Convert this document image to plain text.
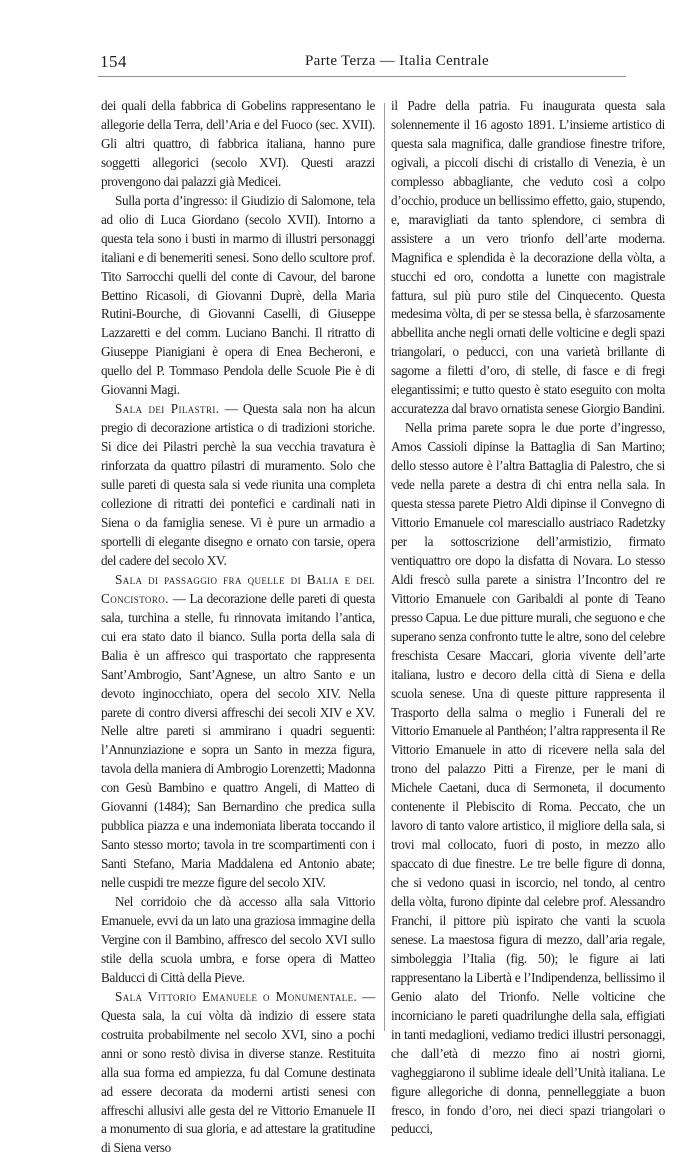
154	Parte Terza — Italia Centrale

dei quali della fabbrica di Gobelins rappresentano le allegorie della Terra, dell’Aria e del Fuoco (sec. XVII). Gli altri quattro, di fabbrica italiana, hanno pure soggetti allegorici (secolo XVI). Questi arazzi provengono dai palazzi già Medicei.

Sulla porta d’ingresso: il Giudizio di Salomone, tela ad olio di Luca Giordano (secolo XVII). Intorno a questa tela sono i busti in marmo di illustri personaggi italiani e di benemeriti senesi. Sono dello scultore prof. Tito Sarrocchi quelli del conte di Cavour, del barone Bettino Ricasoli, di Giovanni Duprè, della Maria Rutini-Bourche, di Giovanni Caselli, di Giuseppe Lazzaretti e del comm. Luciano Banchi. Il ritratto di Giuseppe Pianigiani è opera di Enea Becheroni, e quello del P. Tommaso Pendola delle Scuole Pie è di Giovanni Magi.

Sala dei Pilastri. — Questa sala non ha alcun pregio di decorazione artistica o di tradizioni storiche. Si dice dei Pilastri perchè la sua vecchia travatura è rinforzata da quattro pilastri di muramento. Solo che sulle pareti di questa sala si vede riunita una completa collezione di ritratti dei pontefici e cardinali nati in Siena o da famiglia senese. Vi è pure un armadio a sportelli di elegante disegno e ornato con tarsie, opera del cadere del secolo XV.

Sala di passaggio fra quelle di Balia e del Concistoro. — La decorazione delle pareti di questa sala, turchina a stelle, fu rinnovata imitando l’antica, cui era stato dato il bianco. Sulla porta della sala di Balia è un affresco qui trasportato che rappresenta Sant’Ambrogio, Sant’Agnese, un altro Santo e un devoto inginocchiato, opera del secolo XIV. Nella parete di contro diversi affreschi dei secoli XIV e XV. Nelle altre pareti si ammirano i quadri seguenti: l’Annunziazione e sopra un Santo in mezza figura, tavola della maniera di Ambrogio Lorenzetti; Madonna con Gesù Bambino e quattro Angeli, di Matteo di Giovanni (1484); San Bernardino che predica sulla pubblica piazza e una indemoniata liberata toccando il Santo stesso morto; tavola in tre scompartimenti con i Santi Stefano, Maria Maddalena ed Antonio abate; nelle cuspidi tre mezze figure del secolo XIV.

Nel corridoio che dà accesso alla sala Vittorio Emanuele, evvi da un lato una graziosa immagine della Vergine con il Bambino, affresco del secolo XVI sullo stile della scuola umbra, e forse opera di Matteo Balducci di Città della Pieve.

Sala Vittorio Emanuele o Monumentale. — Questa sala, la cui vòlta dà indizio di essere stata costruita probabilmente nel secolo XVI, sino a pochi anni or sono restò divisa in diverse stanze. Restituita alla sua forma ed ampiezza, fu dal Comune destinata ad essere decorata da moderni artisti senesi con affreschi allusivi alle gesta del re Vittorio Emanuele II a monumento di sua gloria, e ad attestare la gratitudine di Siena verso

il Padre della patria. Fu inaugurata questa sala solennemente il 16 agosto 1891. L’insieme artistico di questa sala magnifica, dalle grandiose finestre trifore, ogivali, a piccoli dischi di cristallo di Venezia, è un complesso abbagliante, che veduto così a colpo d’occhio, produce un bellissimo effetto, gaio, stupendo, e, maravigliati da tanto splendore, ci sembra di assistere a un vero trionfo dell’arte moderna. Magnifica e splendida è la decorazione della vòlta, a stucchi ed oro, condotta a lunette con magistrale fattura, sul più puro stile del Cinquecento. Questa medesima vòlta, di per se stessa bella, è sfarzosamente abbellita anche negli ornati delle volticine e degli spazi triangolari, o peducci, con una varietà brillante di sagome a filetti d’oro, di stelle, di fasce e di fregi elegantissimi; e tutto questo è stato eseguito con molta accuratezza dal bravo ornatista senese Giorgio Bandini.

Nella prima parete sopra le due porte d’ingresso, Amos Cassioli dipinse la Battaglia di San Martino; dello stesso autore è l’altra Battaglia di Palestro, che si vede nella parete a destra di chi entra nella sala. In questa stessa parete Pietro Aldi dipinse il Convegno di Vittorio Emanuele col maresciallo austriaco Radetzky per la sottoscrizione dell’armistizio, firmato ventiquattro ore dopo la disfatta di Novara. Lo stesso Aldi frescò sulla parete a sinistra l’Incontro del re Vittorio Emanuele con Garibaldi al ponte di Teano presso Capua. Le due pitture murali, che seguono e che superano senza confronto tutte le altre, sono del celebre freschista Cesare Maccari, gloria vivente dell’arte italiana, lustro e decoro della città di Siena e della scuola senese. Una di queste pitture rappresenta il Trasporto della salma o meglio i Funerali del re Vittorio Emanuele al Panthéon; l’altra rappresenta il Re Vittorio Emanuele in atto di ricevere nella sala del trono del palazzo Pitti a Firenze, per le mani di Michele Caetani, duca di Sermoneta, il documento contenente il Plebiscito di Roma. Peccato, che un lavoro di tanto valore artistico, il migliore della sala, si trovi mal collocato, fuori di posto, in mezzo allo spaccato di due finestre. Le tre belle figure di donna, che si vedono quasi in iscorcio, nel tondo, al centro della vòlta, furono dipinte dal celebre prof. Alessandro Franchi, il pittore più ispirato che vanti la scuola senese. La maestosa figura di mezzo, dall’aria regale, simboleggia l’Italia (fig. 50); le figure ai lati rappresentano la Libertà e l’Indipendenza, bellissimo il Genio alato del Trionfo. Nelle volticine che incorniciano le pareti quadrilunghe della sala, effigiati in tanti medaglioni, vediamo tredici illustri personaggi, che dall’età di mezzo fino ai nostri giorni, vagheggiarono il sublime ideale dell’Unità italiana. Le figure allegoriche di donna, pennelleggiate a buon fresco, in fondo d’oro, nei dieci spazi triangolari o peducci,
